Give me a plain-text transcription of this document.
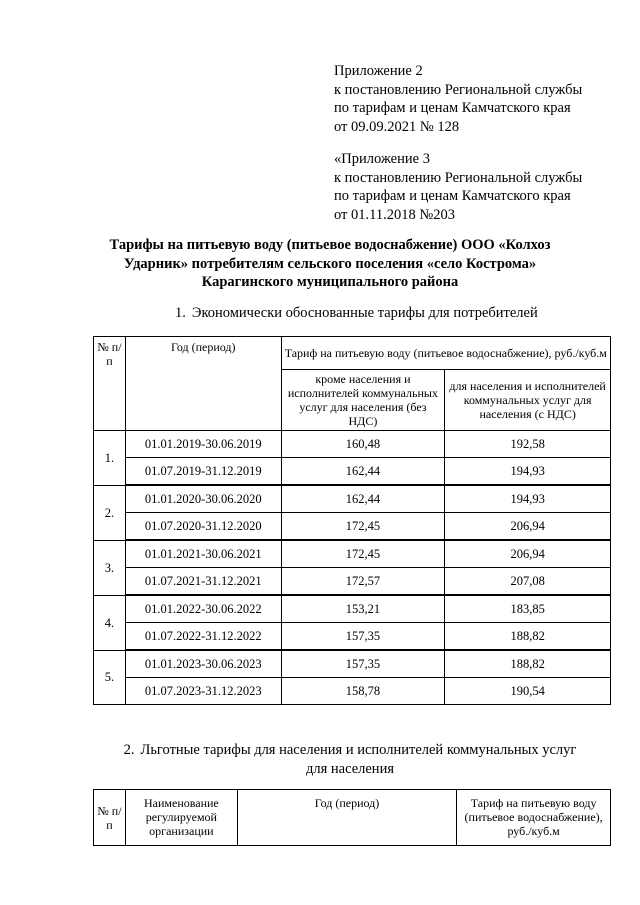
Приложение 2
к постановлению Региональной службы
по тарифам и ценам Камчатского края
от 09.09.2021 № 128
«Приложение 3
к постановлению Региональной службы
по тарифам и ценам Камчатского края
от 01.11.2018 №203
Тарифы на питьевую воду (питьевое водоснабжение) ООО «Колхоз
Ударник» потребителям сельского поселения «село Кострома»
Карагинского муниципального района
1. Экономически обоснованные тарифы для потребителей
№ п/п	Год (период)	Тариф на питьевую воду (питьевое водоснабжение), руб./куб.м	
		кроме населения и исполнителей коммунальных услуг для населения (без НДС)	для населения и исполнителей коммунальных услуг для населения (с НДС)
1.	01.01.2019-30.06.2019	160,48	192,58
	01.07.2019-31.12.2019	162,44	194,93
2.	01.01.2020-30.06.2020	162,44	194,93
	01.07.2020-31.12.2020	172,45	206,94
3.	01.01.2021-30.06.2021	172,45	206,94
	01.07.2021-31.12.2021	172,57	207,08
4.	01.01.2022-30.06.2022	153,21	183,85
	01.07.2022-31.12.2022	157,35	188,82
5.	01.01.2023-30.06.2023	157,35	188,82
	01.07.2023-31.12.2023	158,78	190,54
2. Льготные тарифы для населения и исполнителей коммунальных услуг
для населения
№ п/п	Наименование регулируемой организации	Год (период)	Тариф на питьевую воду (питьевое водоснабжение), руб./куб.м
